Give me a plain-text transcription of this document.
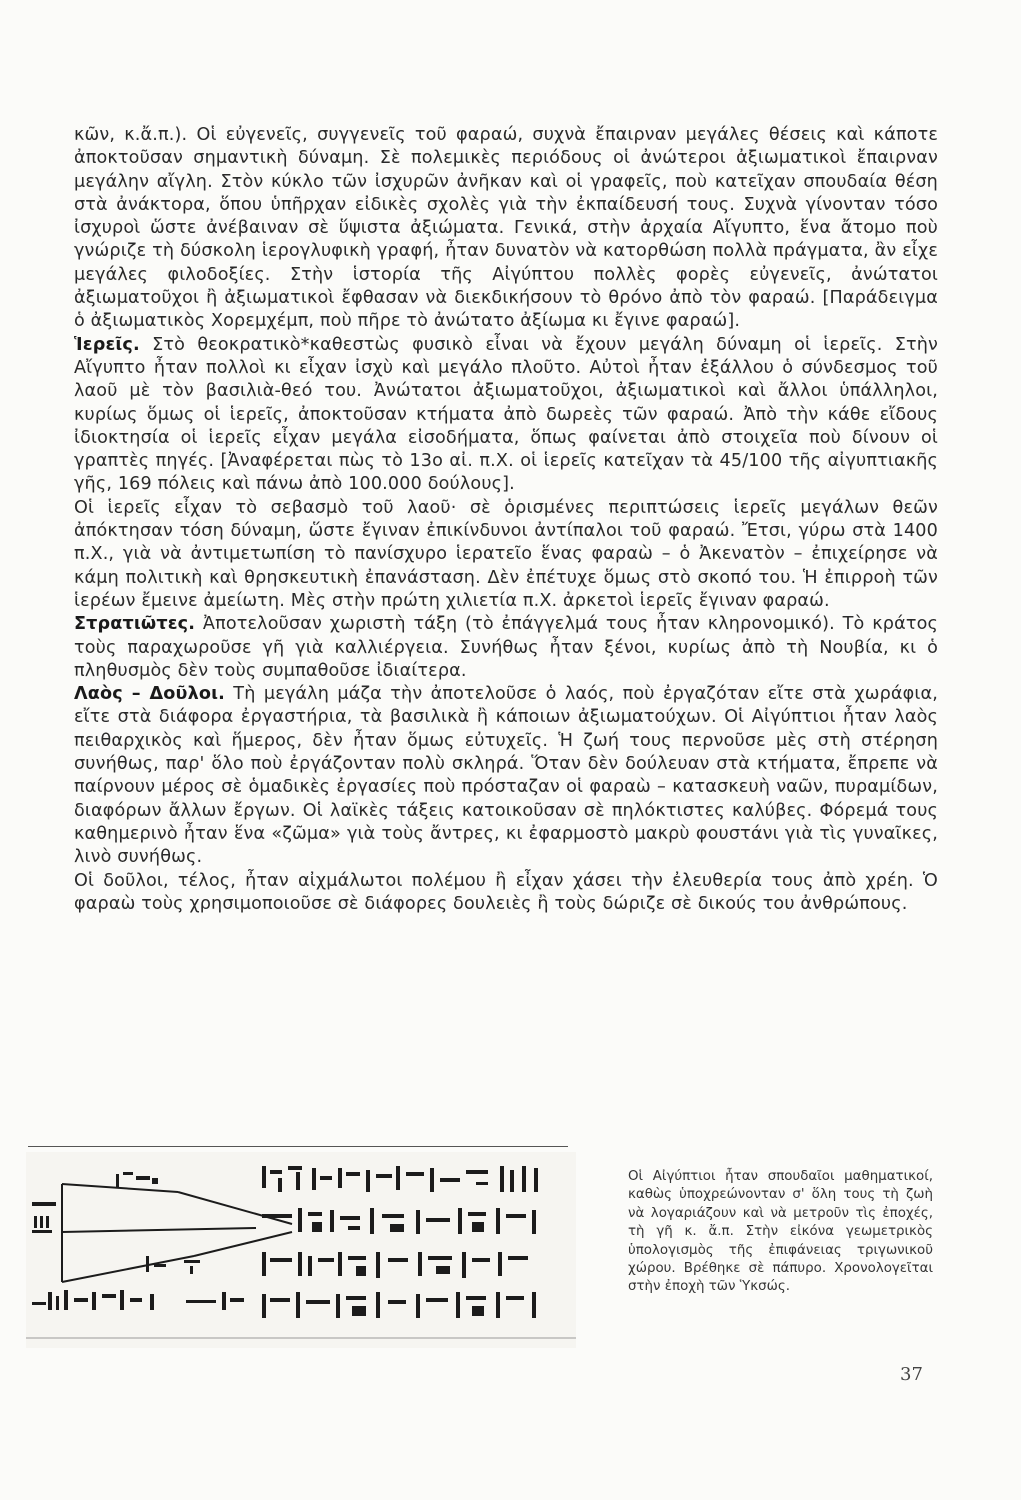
κῶν, κ.ἄ.π.). Οἱ εὐγενεῖς, συγγενεῖς τοῦ φαραώ, συχνὰ ἔπαιρναν μεγάλες θέσεις καὶ κάποτε ἀποκτοῦσαν σημαντικὴ δύναμη. Σὲ πολεμικὲς περιόδους οἱ ἀνώτεροι ἀξιωματικοὶ ἔπαιρναν μεγάλην αἴγλη. Στὸν κύκλο τῶν ἰσχυρῶν ἀνῆκαν καὶ οἱ γραφεῖς, ποὺ κατεῖχαν σπουδαία θέση στὰ ἀνάκτορα, ὅπου ὑπῆρχαν εἰδικὲς σχολὲς γιὰ τὴν ἐκπαίδευσή τους. Συχνὰ γίνονταν τόσο ἰσχυροὶ ὥστε ἀνέβαιναν σὲ ὕψιστα ἀξιώματα. Γενικά, στὴν ἀρχαία Αἴγυπτο, ἕνα ἄτομο ποὺ γνώριζε τὴ δύσκολη ἱερογλυφικὴ γραφή, ἦταν δυνατὸν νὰ κατορθώση πολλὰ πράγματα, ἂν εἶχε μεγάλες φιλοδοξίες. Στὴν ἱστορία τῆς Αἰγύπτου πολλὲς φορὲς εὐγενεῖς, ἀνώτατοι ἀξιωματοῦχοι ἢ ἀξιωματικοὶ ἔφθασαν νὰ διεκδικήσουν τὸ θρόνο ἀπὸ τὸν φαραώ. [Παράδειγμα ὁ ἀξιωματικὸς Χορεμχέμπ, ποὺ πῆρε τὸ ἀνώτατο ἀξίωμα κι ἔγινε φαραώ].

Ἱερεῖς. Στὸ θεοκρατικὸ*καθεστὼς φυσικὸ εἶναι νὰ ἔχουν μεγάλη δύναμη οἱ ἱερεῖς. Στὴν Αἴγυπτο ἦταν πολλοὶ κι εἶχαν ἰσχὺ καὶ μεγάλο πλοῦτο. Αὐτοὶ ἦταν ἐξάλλου ὁ σύνδεσμος τοῦ λαοῦ μὲ τὸν βασιλιὰ-θεό του. Ἀνώτατοι ἀξιωματοῦχοι, ἀξιωματικοὶ καὶ ἄλλοι ὑπάλληλοι, κυρίως ὅμως οἱ ἱερεῖς, ἀποκτοῦσαν κτήματα ἀπὸ δωρεὲς τῶν φαραώ. Ἀπὸ τὴν κάθε εἴδους ἰδιοκτησία οἱ ἱερεῖς εἶχαν μεγάλα εἰσοδήματα, ὅπως φαίνεται ἀπὸ στοιχεῖα ποὺ δίνουν οἱ γραπτὲς πηγές. [Ἀναφέρεται πὼς τὸ 13ο αἰ. π.Χ. οἱ ἱερεῖς κατεῖχαν τὰ 45/100 τῆς αἰγυπτιακῆς γῆς, 169 πόλεις καὶ πάνω ἀπὸ 100.000 δούλους].

Οἱ ἱερεῖς εἶχαν τὸ σεβασμὸ τοῦ λαοῦ· σὲ ὁρισμένες περιπτώσεις ἱερεῖς μεγάλων θεῶν ἀπόκτησαν τόση δύναμη, ὥστε ἔγιναν ἐπικίνδυνοι ἀντίπαλοι τοῦ φαραώ. Ἔτσι, γύρω στὰ 1400 π.Χ., γιὰ νὰ ἀντιμετωπίση τὸ πανίσχυρο ἱερατεῖο ἕνας φαραὼ – ὁ Ἀκενατὸν – ἐπιχείρησε νὰ κάμη πολιτικὴ καὶ θρησκευτικὴ ἐπανάσταση. Δὲν ἐπέτυχε ὅμως στὸ σκοπό του. Ἡ ἐπιρροὴ τῶν ἱερέων ἔμεινε ἀμείωτη. Μὲς στὴν πρώτη χιλιετία π.Χ. ἀρκετοὶ ἱερεῖς ἔγιναν φαραώ.

Στρατιῶτες. Ἀποτελοῦσαν χωριστὴ τάξη (τὸ ἐπάγγελμά τους ἦταν κληρονομικό). Τὸ κράτος τοὺς παραχωροῦσε γῆ γιὰ καλλιέργεια. Συνήθως ἦταν ξένοι, κυρίως ἀπὸ τὴ Νουβία, κι ὁ πληθυσμὸς δὲν τοὺς συμπαθοῦσε ἰδιαίτερα.

Λαὸς – Δοῦλοι. Τὴ μεγάλη μάζα τὴν ἀποτελοῦσε ὁ λαός, ποὺ ἐργαζόταν εἴτε στὰ χωράφια, εἴτε στὰ διάφορα ἐργαστήρια, τὰ βασιλικὰ ἢ κάποιων ἀξιωματούχων. Οἱ Αἰγύπτιοι ἦταν λαὸς πειθαρχικὸς καὶ ἥμερος, δὲν ἦταν ὅμως εὐτυχεῖς. Ἡ ζωή τους περνοῦσε μὲς στὴ στέρηση συνήθως, παρ' ὅλο ποὺ ἐργάζονταν πολὺ σκληρά. Ὅταν δὲν δούλευαν στὰ κτήματα, ἔπρεπε νὰ παίρνουν μέρος σὲ ὁμαδικὲς ἐργασίες ποὺ πρόσταζαν οἱ φαραὼ – κατασκευὴ ναῶν, πυραμίδων, διαφόρων ἄλλων ἔργων. Οἱ λαϊκὲς τάξεις κατοικοῦσαν σὲ πηλόκτιστες καλύβες. Φόρεμά τους καθημερινὸ ἦταν ἕνα «ζῶμα» γιὰ τοὺς ἄντρες, κι ἐφαρμοστὸ μακρὺ φουστάνι γιὰ τὶς γυναῖκες, λινὸ συνήθως.

Οἱ δοῦλοι, τέλος, ἦταν αἰχμάλωτοι πολέμου ἢ εἶχαν χάσει τὴν ἐλευθερία τους ἀπὸ χρέη. Ὁ φαραὼ τοὺς χρησιμοποιοῦσε σὲ διάφορες δουλειὲς ἢ τοὺς δώριζε σὲ δικούς του ἀνθρώπους.

Οἱ Αἰγύπτιοι ἦταν σπουδαῖοι μαθηματικοί, καθὼς ὑποχρεώνονταν σ' ὅλη τους τὴ ζωὴ νὰ λογαριάζουν καὶ νὰ μετροῦν τὶς ἐποχές, τὴ γῆ κ. ἄ.π. Στὴν εἰκόνα γεωμετρικὸς ὑπολογισμὸς τῆς ἐπιφάνειας τριγωνικοῦ χώρου. Βρέθηκε σὲ πάπυρο. Χρονολογεῖται στὴν ἐποχὴ τῶν Ὑκσώς.
37
